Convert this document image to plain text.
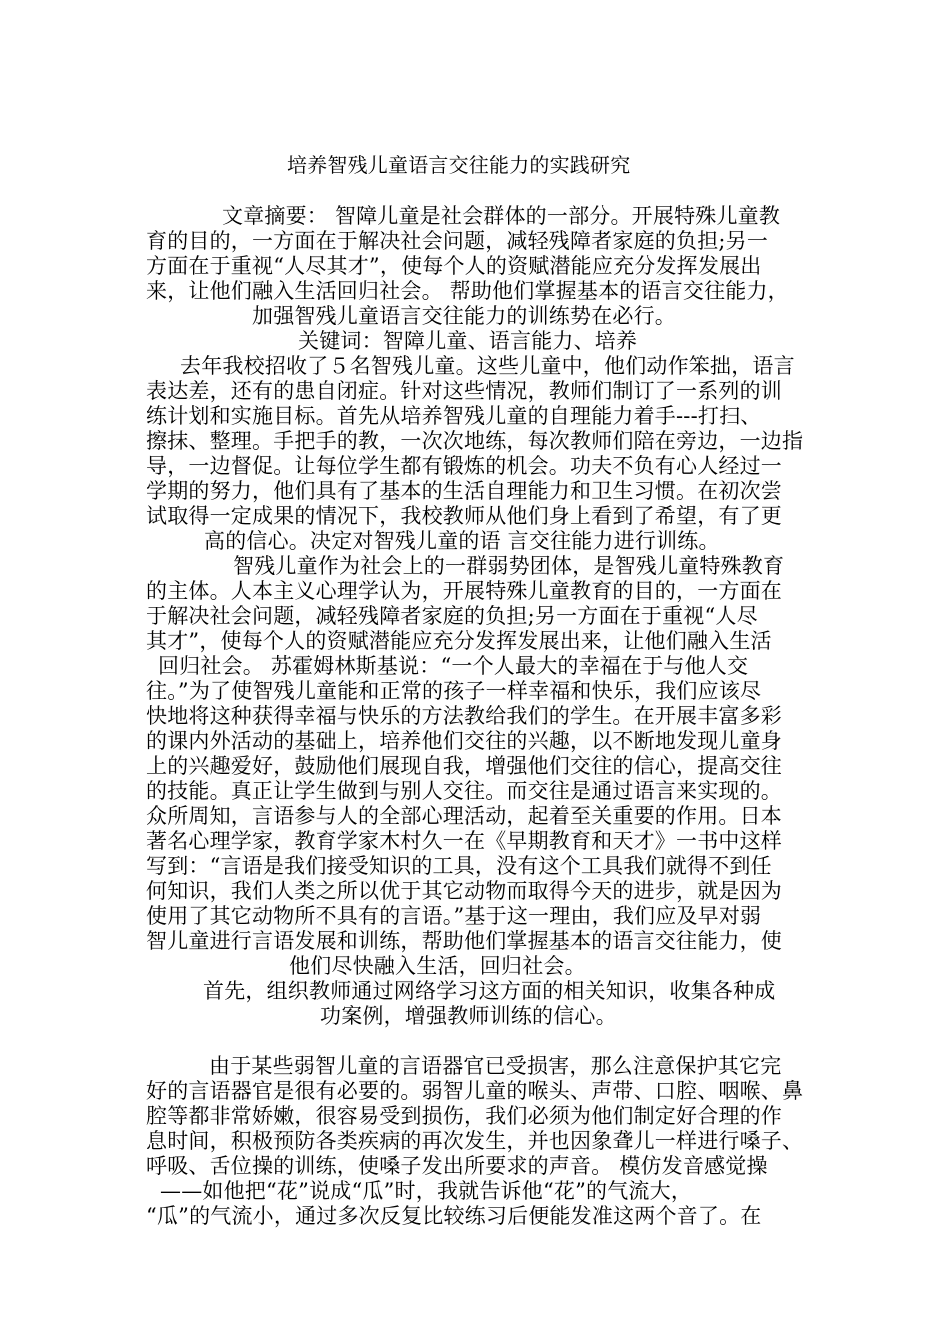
培养智残儿童语言交往能力的实践研究

文章摘要： 智障儿童是社会群体的一部分。开展特殊儿童教

育的目的，一方面在于解决社会问题，减轻残障者家庭的负担;另一

方面在于重视“人尽其才”，使每个人的资赋潜能应充分发挥发展出

来，让他们融入生活回归社会。 帮助他们掌握基本的语言交往能力，

加强智残儿童语言交往能力的训练势在必行。

关键词：智障儿童、语言能力、培养

去年我校招收了５名智残儿童。这些儿童中，他们动作笨拙，语言

表达差，还有的患自闭症。针对这些情况，教师们制订了一系列的训

练计划和实施目标。首先从培养智残儿童的自理能力着手---打扫、

擦抹、整理。手把手的教，一次次地练，每次教师们陪在旁边，一边指

导，一边督促。让每位学生都有锻炼的机会。功夫不负有心人经过一

学期的努力，他们具有了基本的生活自理能力和卫生习惯。在初次尝

试取得一定成果的情况下，我校教师从他们身上看到了希望，有了更

高的信心。决定对智残儿童的语 言交往能力进行训练。

智残儿童作为社会上的一群弱势团体，是智残儿童特殊教育

的主体。人本主义心理学认为，开展特殊儿童教育的目的，一方面在

于解决社会问题，减轻残障者家庭的负担;另一方面在于重视“人尽

其才”，使每个人的资赋潜能应充分发挥发展出来，让他们融入生活

回归社会。 苏霍姆林斯基说：“一个人最大的幸福在于与他人交

往。”为了使智残儿童能和正常的孩子一样幸福和快乐，我们应该尽

快地将这种获得幸福与快乐的方法教给我们的学生。在开展丰富多彩

的课内外活动的基础上，培养他们交往的兴趣，以不断地发现儿童身

上的兴趣爱好，鼓励他们展现自我，增强他们交往的信心，提高交往

的技能。真正让学生做到与别人交往。而交往是通过语言来实现的。

众所周知，言语参与人的全部心理活动，起着至关重要的作用。日本

著名心理学家，教育学家木村久一在《早期教育和天才》一书中这样

写到：“言语是我们接受知识的工具，没有这个工具我们就得不到任

何知识，我们人类之所以优于其它动物而取得今天的进步，就是因为

使用了其它动物所不具有的言语。”基于这一理由，我们应及早对弱

智儿童进行言语发展和训练，帮助他们掌握基本的语言交往能力，使

他们尽快融入生活，回归社会。

首先，组织教师通过网络学习这方面的相关知识，收集各种成

功案例，增强教师训练的信心。

由于某些弱智儿童的言语器官已受损害，那么注意保护其它完

好的言语器官是很有必要的。弱智儿童的喉头、声带、口腔、咽喉、鼻

腔等都非常娇嫩，很容易受到损伤，我们必须为他们制定好合理的作

息时间，积极预防各类疾病的再次发生，并也因象聋儿一样进行嗓子、

呼吸、舌位操的训练，使嗓子发出所要求的声音。 模仿发音感觉操

——如他把“花”说成“瓜”时，我就告诉他“花”的气流大，

“瓜”的气流小，通过多次反复比较练习后便能发准这两个音了。在
